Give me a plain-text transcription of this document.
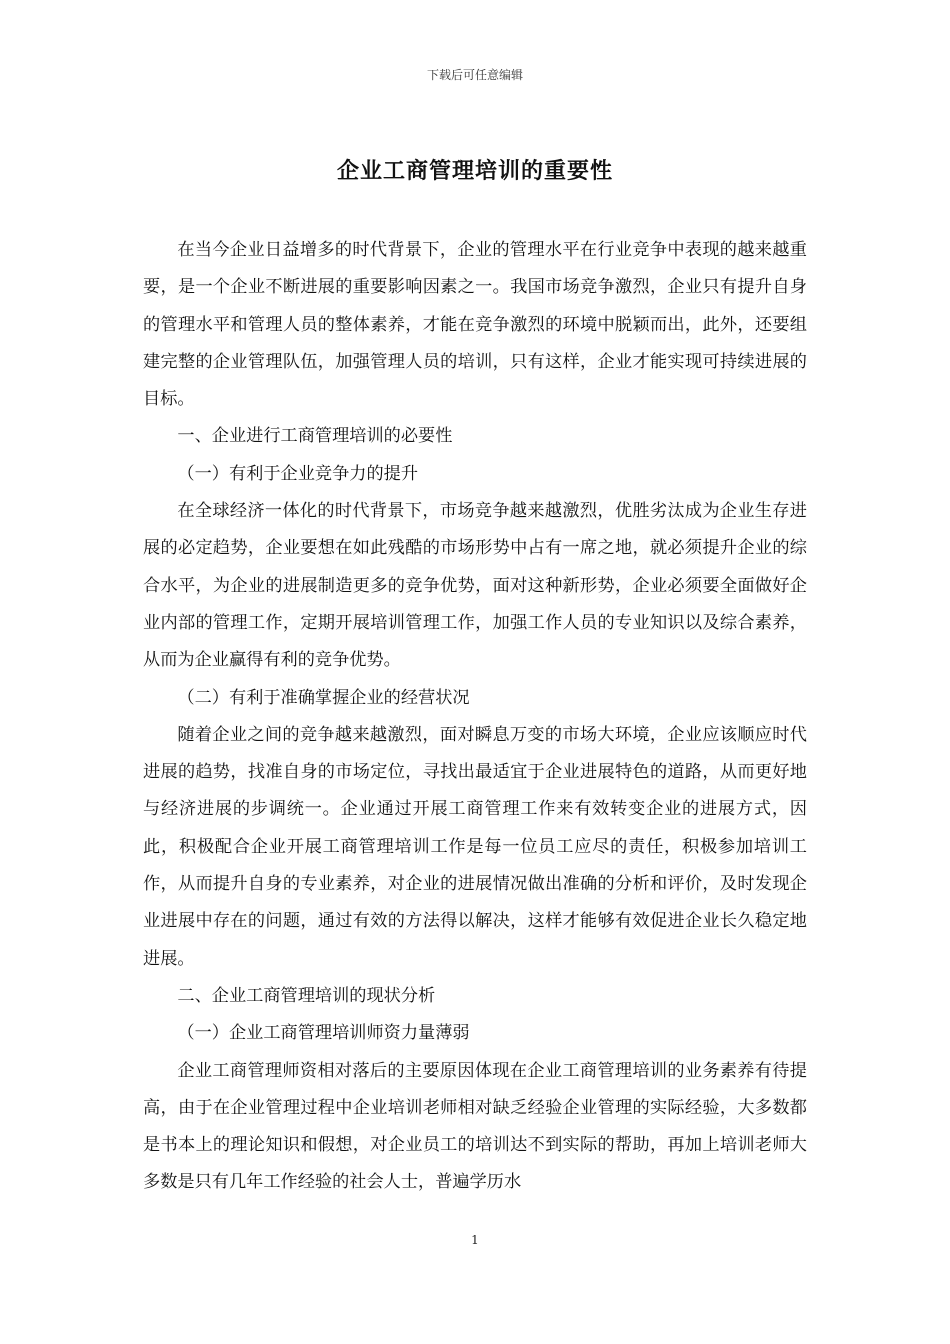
下载后可任意编辑
企业工商管理培训的重要性

在当今企业日益增多的时代背景下，企业的管理水平在行业竞争中表现的越来越重要，是一个企业不断进展的重要影响因素之一。我国市场竞争激烈，企业只有提升自身的管理水平和管理人员的整体素养，才能在竞争激烈的环境中脱颖而出，此外，还要组建完整的企业管理队伍，加强管理人员的培训，只有这样，企业才能实现可持续进展的目标。

一、企业进行工商管理培训的必要性

（一）有利于企业竞争力的提升

在全球经济一体化的时代背景下，市场竞争越来越激烈，优胜劣汰成为企业生存进展的必定趋势，企业要想在如此残酷的市场形势中占有一席之地，就必须提升企业的综合水平，为企业的进展制造更多的竞争优势，面对这种新形势，企业必须要全面做好企业内部的管理工作，定期开展培训管理工作，加强工作人员的专业知识以及综合素养，从而为企业赢得有利的竞争优势。

（二）有利于准确掌握企业的经营状况

随着企业之间的竞争越来越激烈，面对瞬息万变的市场大环境，企业应该顺应时代进展的趋势，找准自身的市场定位，寻找出最适宜于企业进展特色的道路，从而更好地与经济进展的步调统一。企业通过开展工商管理工作来有效转变企业的进展方式，因此，积极配合企业开展工商管理培训工作是每一位员工应尽的责任，积极参加培训工作，从而提升自身的专业素养，对企业的进展情况做出准确的分析和评价，及时发现企业进展中存在的问题，通过有效的方法得以解决，这样才能够有效促进企业长久稳定地进展。

二、企业工商管理培训的现状分析

（一）企业工商管理培训师资力量薄弱

企业工商管理师资相对落后的主要原因体现在企业工商管理培训的业务素养有待提高，由于在企业管理过程中企业培训老师相对缺乏经验企业管理的实际经验，大多数都是书本上的理论知识和假想，对企业员工的培训达不到实际的帮助，再加上培训老师大多数是只有几年工作经验的社会人士，普遍学历水

1
